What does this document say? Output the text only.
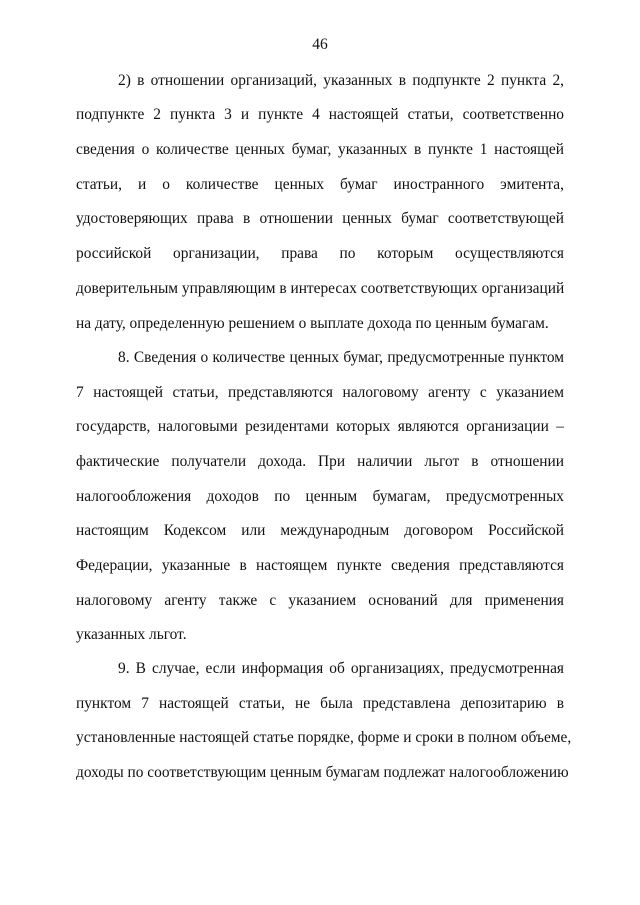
46
2) в отношении организаций, указанных в подпункте 2 пункта 2,
подпункте 2 пункта 3 и пункте 4 настоящей статьи, соответственно
сведения о количестве ценных бумаг, указанных в пункте 1 настоящей
статьи, и о количестве ценных бумаг иностранного эмитента,
удостоверяющих права в отношении ценных бумаг соответствующей
российской организации, права по которым осуществляются
доверительным управляющим в интересах соответствующих организаций
на дату, определенную решением о выплате дохода по ценным бумагам.
8. Сведения о количестве ценных бумаг, предусмотренные пунктом
7 настоящей статьи, представляются налоговому агенту с указанием
государств, налоговыми резидентами которых являются организации –
фактические получатели дохода. При наличии льгот в отношении
налогообложения доходов по ценным бумагам, предусмотренных
настоящим Кодексом или международным договором Российской
Федерации, указанные в настоящем пункте сведения представляются
налоговому агенту также с указанием оснований для применения
указанных льгот.
9. В случае, если информация об организациях, предусмотренная
пунктом 7 настоящей статьи, не была представлена депозитарию в
установленные настоящей статье порядке, форме и сроки в полном объеме,
доходы по соответствующим ценным бумагам подлежат налогообложению
